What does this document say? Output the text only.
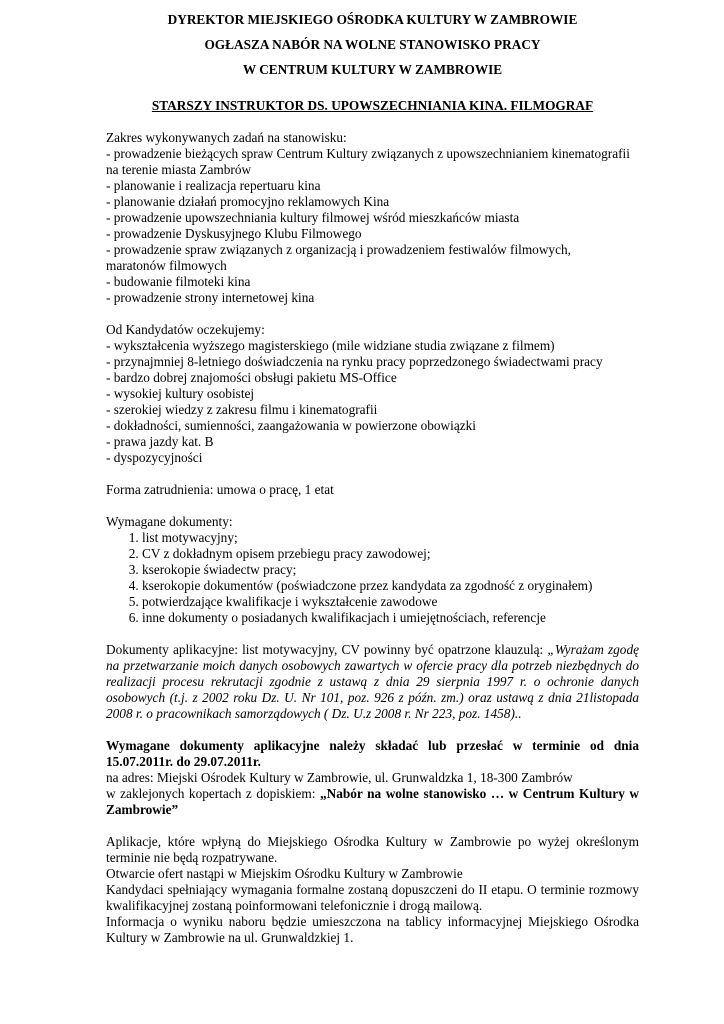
DYREKTOR MIEJSKIEGO OŚRODKA KULTURY W ZAMBROWIE
OGŁASZA NABÓR NA WOLNE STANOWISKO PRACY
W CENTRUM KULTURY W ZAMBROWIE
STARSZY INSTRUKTOR DS. UPOWSZECHNIANIA KINA. FILMOGRAF
Zakres wykonywanych zadań na stanowisku:
- prowadzenie bieżących spraw Centrum Kultury związanych z upowszechnianiem kinematografii
na terenie miasta Zambrów
- planowanie i realizacja repertuaru kina
- planowanie działań promocyjno reklamowych Kina
- prowadzenie upowszechniania kultury filmowej wśród mieszkańców miasta
- prowadzenie Dyskusyjnego Klubu Filmowego
- prowadzenie spraw związanych z organizacją i prowadzeniem festiwalów filmowych,
maratonów filmowych
- budowanie filmoteki kina
- prowadzenie strony internetowej kina
Od Kandydatów oczekujemy:
- wykształcenia wyższego magisterskiego (mile widziane studia związane z filmem)
- przynajmniej 8-letniego doświadczenia na rynku pracy poprzedzonego świadectwami pracy
- bardzo dobrej znajomości obsługi pakietu MS-Office
- wysokiej kultury osobistej
- szerokiej wiedzy z zakresu filmu i kinematografii
- dokładności, sumienności, zaangażowania w powierzone obowiązki
- prawa jazdy kat. B
- dyspozycyjności
Forma zatrudnienia: umowa o pracę, 1 etat
Wymagane dokumenty:
1. list motywacyjny;
2. CV z dokładnym opisem przebiegu pracy zawodowej;
3. kserokopie świadectw pracy;
4. kserokopie dokumentów (poświadczone przez kandydata za zgodność z oryginałem)
5. potwierdzające kwalifikacje i wykształcenie zawodowe
6. inne dokumenty o posiadanych kwalifikacjach i umiejętnościach, referencje
Dokumenty aplikacyjne: list motywacyjny, CV powinny być opatrzone klauzulą: „Wyrażam zgodę na przetwarzanie moich danych osobowych zawartych w ofercie pracy dla potrzeb niezbędnych do realizacji procesu rekrutacji zgodnie z ustawą z dnia 29 sierpnia 1997 r. o ochronie danych osobowych (t.j. z 2002 roku Dz. U. Nr 101, poz. 926 z późn. zm.) oraz ustawą z dnia 21listopada 2008 r. o pracownikach samorządowych ( Dz. U.z 2008 r. Nr 223, poz. 1458)..
Wymagane dokumenty aplikacyjne należy składać lub przesłać w terminie od dnia 15.07.2011r. do 29.07.2011r.
na adres: Miejski Ośrodek Kultury w Zambrowie, ul. Grunwaldzka 1, 18-300 Zambrów
w zaklejonych kopertach z dopiskiem: „Nabór na wolne stanowisko … w Centrum Kultury w Zambrowie”
Aplikacje, które wpłyną do Miejskiego Ośrodka Kultury w Zambrowie po wyżej określonym terminie nie będą rozpatrywane.
Otwarcie ofert nastąpi w Miejskim Ośrodku Kultury w Zambrowie
Kandydaci spełniający wymagania formalne zostaną dopuszczeni do II etapu. O terminie rozmowy kwalifikacyjnej zostaną poinformowani telefonicznie i drogą mailową.
Informacja o wyniku naboru będzie umieszczona na tablicy informacyjnej Miejskiego Ośrodka Kultury w Zambrowie na ul. Grunwaldzkiej 1.
